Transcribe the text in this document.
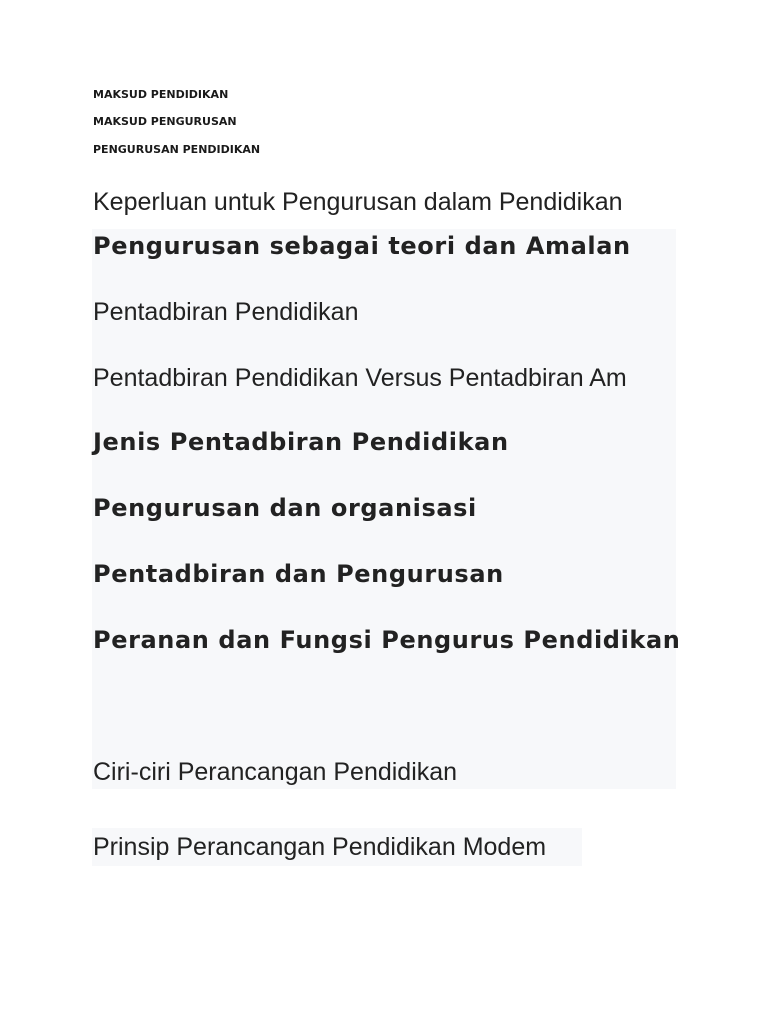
MAKSUD PENDIDIKAN
MAKSUD PENGURUSAN
PENGURUSAN PENDIDIKAN
Keperluan untuk Pengurusan dalam Pendidikan
Pengurusan sebagai teori dan Amalan
Pentadbiran Pendidikan
Pentadbiran Pendidikan Versus Pentadbiran Am
Jenis Pentadbiran Pendidikan
Pengurusan dan organisasi
Pentadbiran dan Pengurusan
Peranan dan Fungsi Pengurus Pendidikan
Ciri-ciri Perancangan Pendidikan
Prinsip Perancangan Pendidikan Modem
